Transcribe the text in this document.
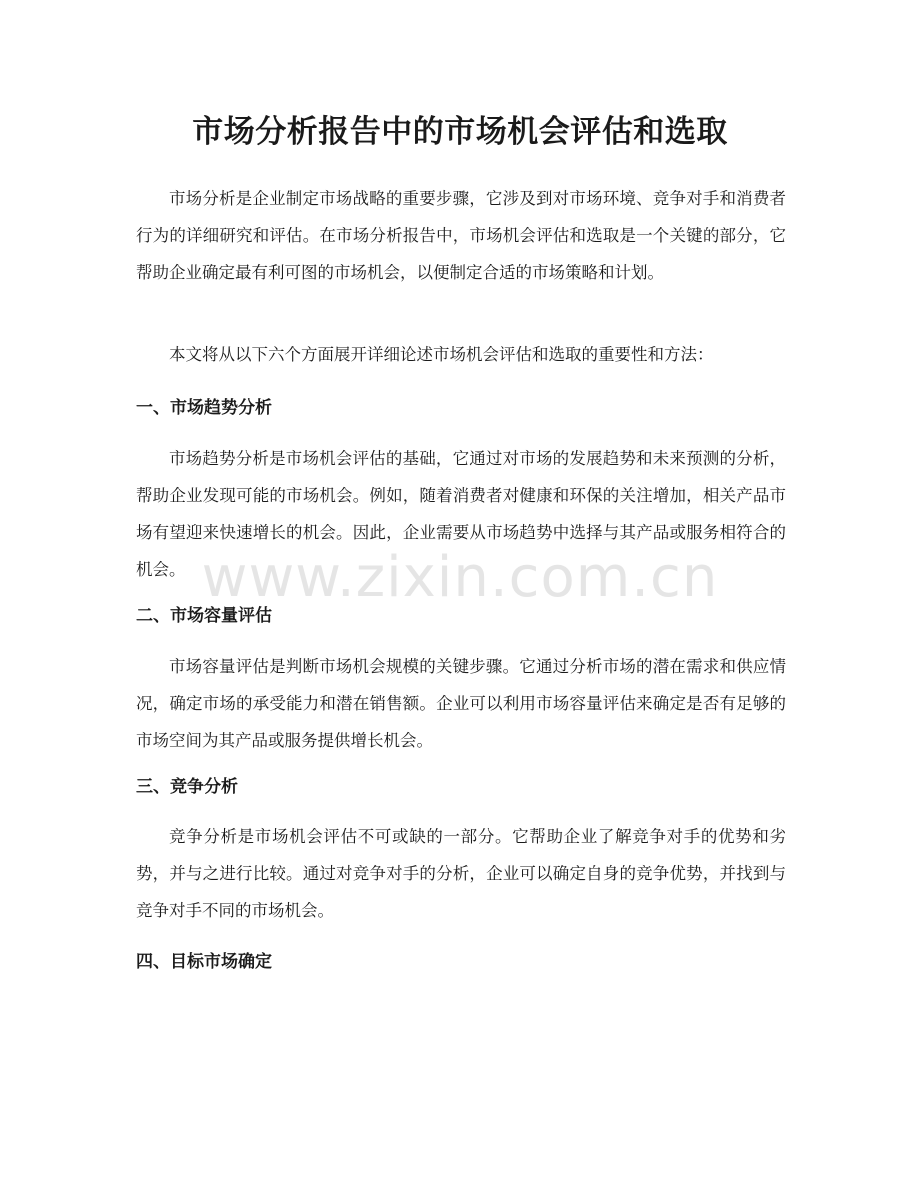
市场分析报告中的市场机会评估和选取

市场分析是企业制定市场战略的重要步骤，它涉及到对市场环境、竞争对手和消费者行为的详细研究和评估。在市场分析报告中，市场机会评估和选取是一个关键的部分，它帮助企业确定最有利可图的市场机会，以便制定合适的市场策略和计划。

本文将从以下六个方面展开详细论述市场机会评估和选取的重要性和方法：

一、市场趋势分析

市场趋势分析是市场机会评估的基础，它通过对市场的发展趋势和未来预测的分析，帮助企业发现可能的市场机会。例如，随着消费者对健康和环保的关注增加，相关产品市场有望迎来快速增长的机会。因此，企业需要从市场趋势中选择与其产品或服务相符合的机会。

二、市场容量评估

市场容量评估是判断市场机会规模的关键步骤。它通过分析市场的潜在需求和供应情况，确定市场的承受能力和潜在销售额。企业可以利用市场容量评估来确定是否有足够的市场空间为其产品或服务提供增长机会。

三、竞争分析

竞争分析是市场机会评估不可或缺的一部分。它帮助企业了解竞争对手的优势和劣势，并与之进行比较。通过对竞争对手的分析，企业可以确定自身的竞争优势，并找到与竞争对手不同的市场机会。

四、目标市场确定
www.zixin.com.cn
